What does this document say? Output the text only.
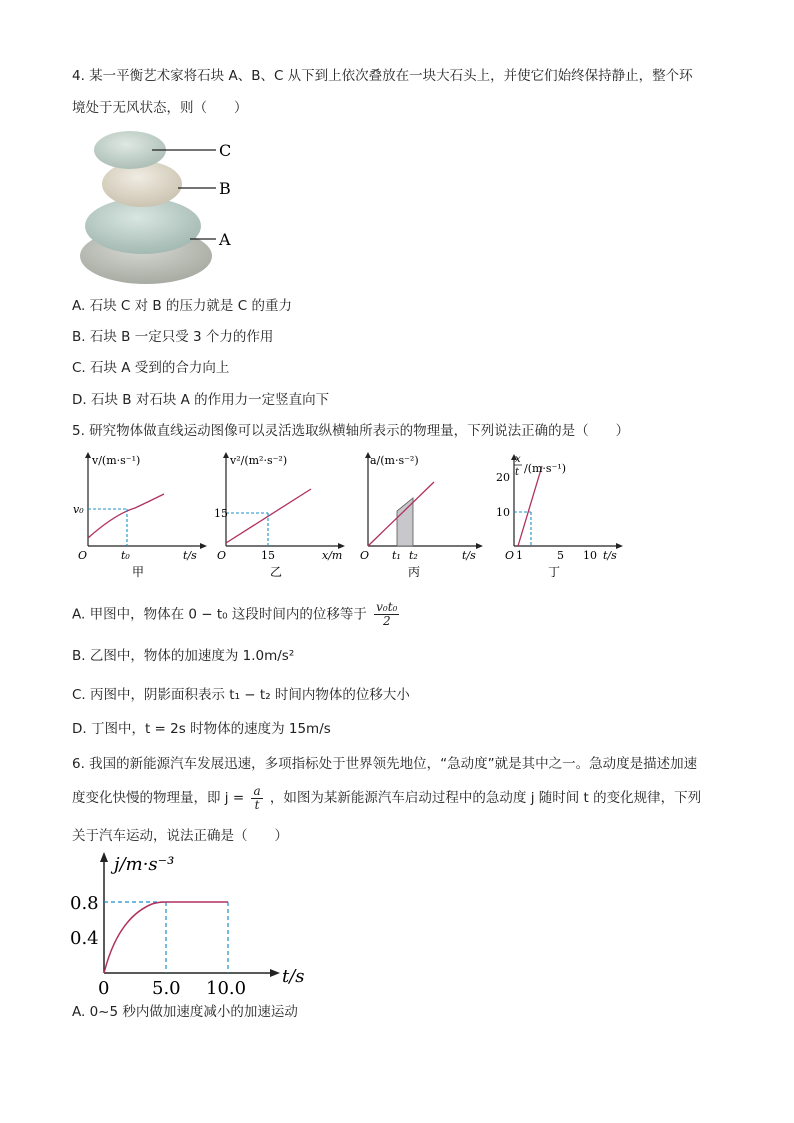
4. 某一平衡艺术家将石块 A、B、C 从下到上依次叠放在一块大石头上，并使它们始终保持静止，整个环
境处于无风状态，则（　　）
C
B
A
A. 石块 C 对 B 的压力就是 C 的重力
B. 石块 B 一定只受 3 个力的作用
C. 石块 A 受到的合力向上
D. 石块 B 对石块 A 的作用力一定竖直向下
5. 研究物体做直线运动图像可以灵活选取纵横轴所表示的物理量，下列说法正确的是（　　）
v/(m·s⁻¹)
v₀
O	t₀	t/s
甲
v²/(m²·s⁻²)
15
O	15	x/m
乙
a/(m·s⁻²)
O t₁ t₂	t/s
丙
x
t /(m·s⁻¹)
20
10
O 1	5 10 t/s
丁
A. 甲图中，物体在 0 − t₀ 这段时间内的位移等于 $\frac{\text{v₀t₀}}{2}$
B. 乙图中，物体的加速度为 1.0m/s²
C. 丙图中，阴影面积表示 t₁ − t₂ 时间内物体的位移大小
D. 丁图中，t = 2s 时物体的速度为 15m/s
6. 我国的新能源汽车发展迅速，多项指标处于世界领先地位，“急动度”就是其中之一。急动度是描述加速
度变化快慢的物理量，即 $j = \frac{a}{t}$ ，如图为某新能源汽车启动过程中的急动度 j 随时间 t 的变化规律，下列
关于汽车运动，说法正确是（　　）
j/m·s⁻³
0.8
0.4
0 5.0 10.0
t/s
A. 0~5 秒内做加速度减小的加速运动
